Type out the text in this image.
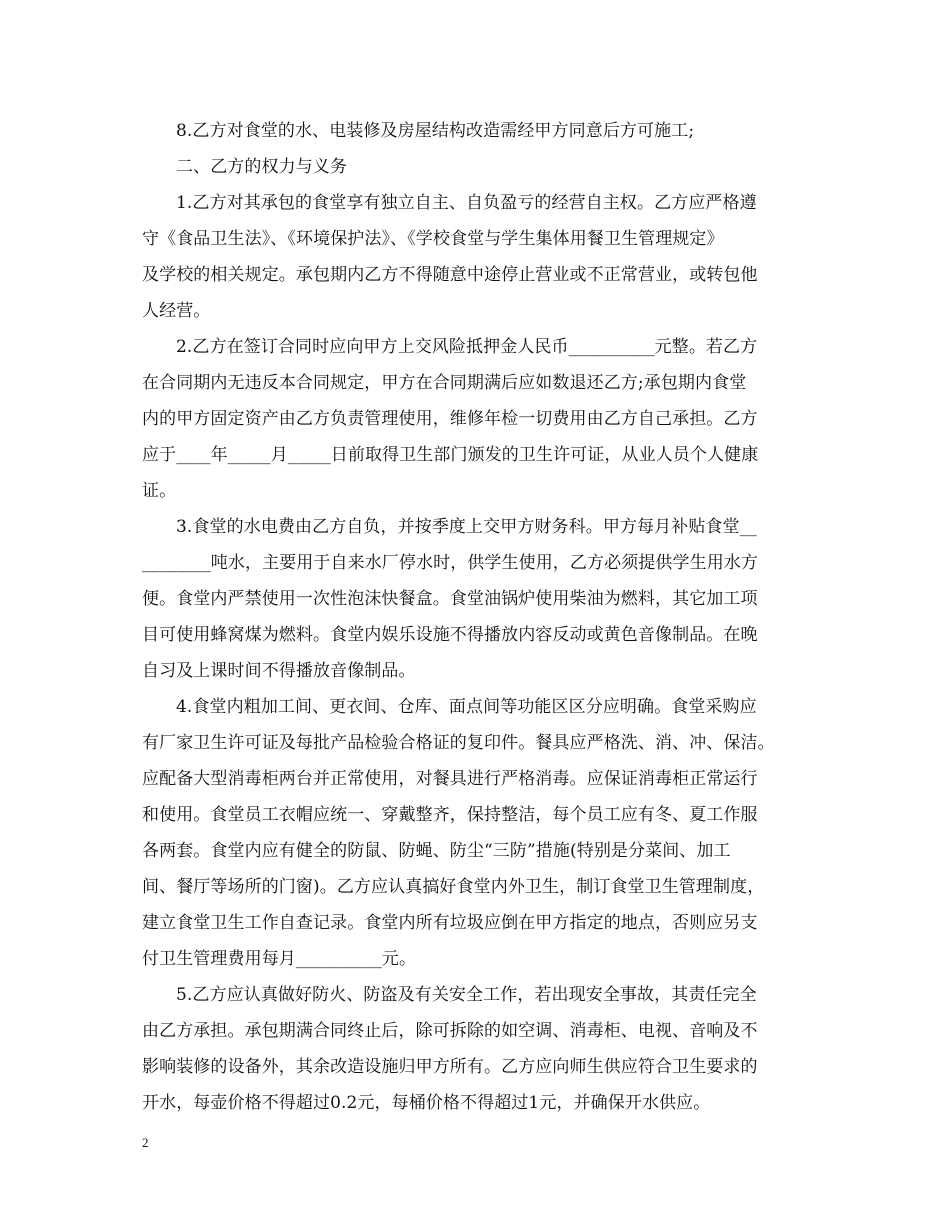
8.乙方对食堂的水、电装修及房屋结构改造需经甲方同意后方可施工;
二、乙方的权力与义务
1.乙方对其承包的食堂享有独立自主、自负盈亏的经营自主权。乙方应严格遵
守《食品卫生法》、《环境保护法》、《学校食堂与学生集体用餐卫生管理规定》
及学校的相关规定。承包期内乙方不得随意中途停止营业或不正常营业，或转包他
人经营。
2.乙方在签订合同时应向甲方上交风险抵押金人民币__________元整。若乙方
在合同期内无违反本合同规定，甲方在合同期满后应如数退还乙方;承包期内食堂
内的甲方固定资产由乙方负责管理使用，维修年检一切费用由乙方自己承担。乙方
应于____年_____月_____日前取得卫生部门颁发的卫生许可证，从业人员个人健康
证。
3.食堂的水电费由乙方自负，并按季度上交甲方财务科。甲方每月补贴食堂__
________吨水，主要用于自来水厂停水时，供学生使用，乙方必须提供学生用水方
便。食堂内严禁使用一次性泡沫快餐盒。食堂油锅炉使用柴油为燃料，其它加工项
目可使用蜂窝煤为燃料。食堂内娱乐设施不得播放内容反动或黄色音像制品。在晚
自习及上课时间不得播放音像制品。
4.食堂内粗加工间、更衣间、仓库、面点间等功能区区分应明确。食堂采购应
有厂家卫生许可证及每批产品检验合格证的复印件。餐具应严格洗、消、冲、保洁。
应配备大型消毒柜两台并正常使用，对餐具进行严格消毒。应保证消毒柜正常运行
和使用。食堂员工衣帽应统一、穿戴整齐，保持整洁，每个员工应有冬、夏工作服
各两套。食堂内应有健全的防鼠、防蝇、防尘“三防”措施(特别是分菜间、加工
间、餐厅等场所的门窗)。乙方应认真搞好食堂内外卫生，制订食堂卫生管理制度，
建立食堂卫生工作自查记录。食堂内所有垃圾应倒在甲方指定的地点，否则应另支
付卫生管理费用每月__________元。
5.乙方应认真做好防火、防盗及有关安全工作，若出现安全事故，其责任完全
由乙方承担。承包期满合同终止后，除可拆除的如空调、消毒柜、电视、音响及不
影响装修的设备外，其余改造设施归甲方所有。乙方应向师生供应符合卫生要求的
开水，每壶价格不得超过0.2元，每桶价格不得超过1元，并确保开水供应。
2
